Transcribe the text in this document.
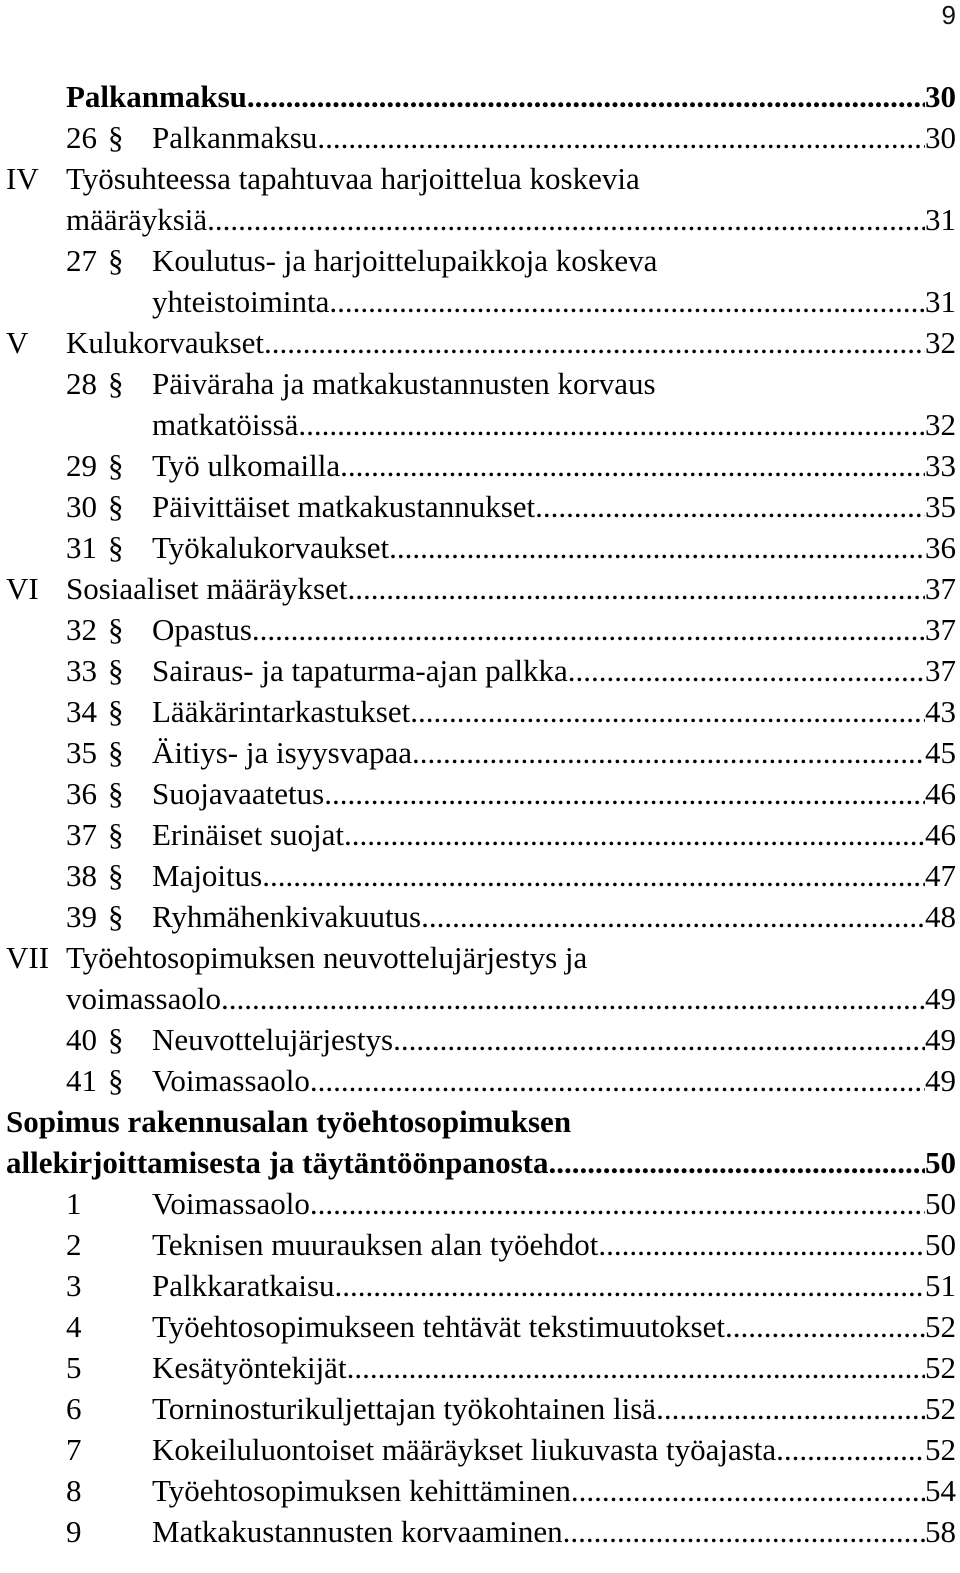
9
Palkanmaksu .....	30
26 § Palkanmaksu .....	30
IV Työsuhteessa tapahtuvaa harjoittelua koskevia
määräyksiä .....	31
27 § Koulutus- ja harjoittelupaikkoja koskeva
yhteistoiminta .....	31
V Kulukorvaukset .....	32
28 § Päiväraha ja matkakustannusten korvaus
matkatöissä .....	32
29 § Työ ulkomailla .....	33
30 § Päivittäiset matkakustannukset .....	35
31 § Työkalukorvaukset .....	36
VI Sosiaaliset määräykset .....	37
32 § Opastus .....	37
33 § Sairaus- ja tapaturma-ajan palkka .....	37
34 § Lääkärintarkastukset .....	43
35 § Äitiys- ja isyysvapaa .....	45
36 § Suojavaatetus .....	46
37 § Erinäiset suojat .....	46
38 § Majoitus .....	47
39 § Ryhmähenkivakuutus .....	48
VII Työehtosopimuksen neuvottelujärjestys ja
voimassaolo .....	49
40 § Neuvottelujärjestys .....	49
41 § Voimassaolo .....	49
Sopimus rakennusalan työehtosopimuksen
allekirjoittamisesta ja täytäntöönpanosta .....	50
1 Voimassaolo .....	50
2 Teknisen muurauksen alan työehdot .....	50
3 Palkkaratkaisu .....	51
4 Työehtosopimukseen tehtävät tekstimuutokset .....	52
5 Kesätyöntekijät .....	52
6 Torninosturikuljettajan työkohtainen lisä .....	52
7 Kokeiluluontoiset määräykset liukuvasta työajasta .....	52
8 Työehtosopimuksen kehittäminen .....	54
9 Matkakustannusten korvaaminen .....	58
